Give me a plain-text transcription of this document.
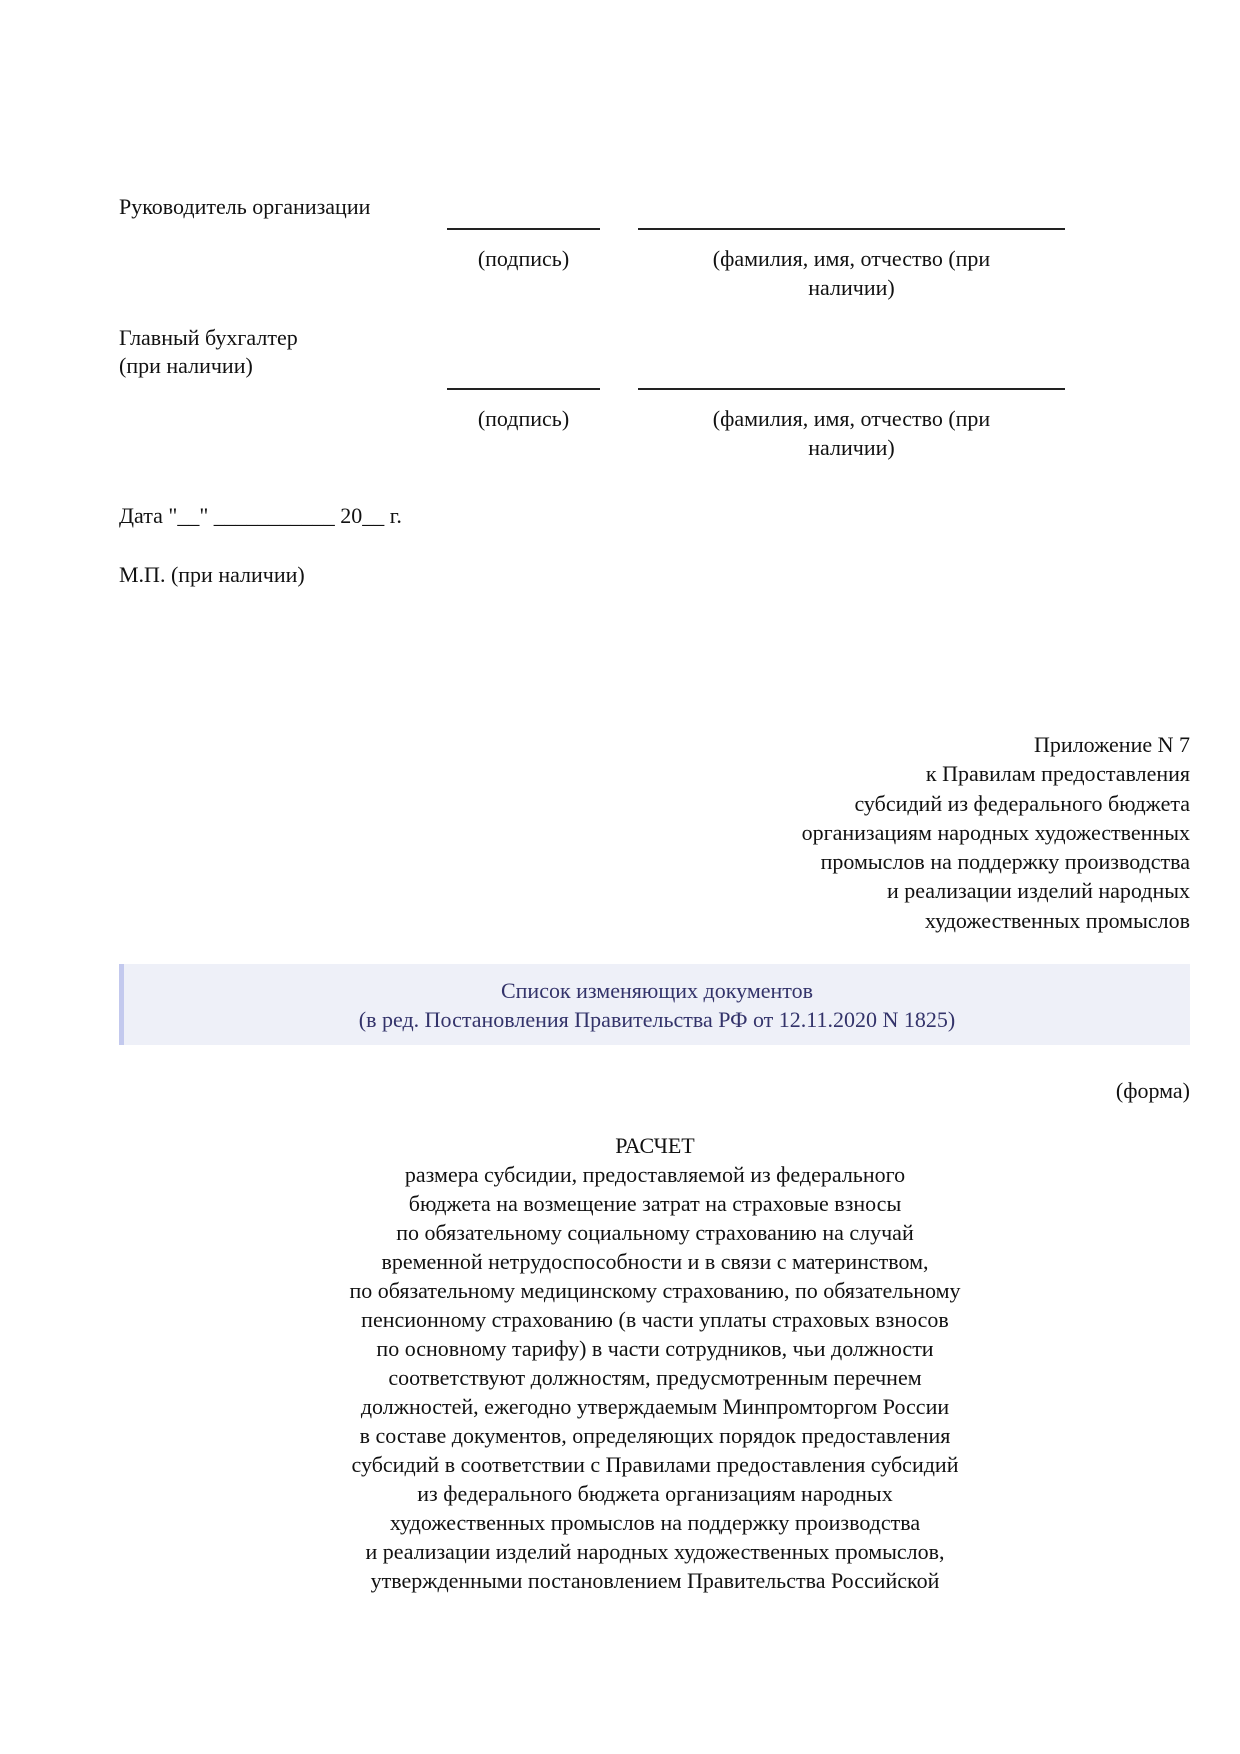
Руководитель организации
(подпись)	(фамилия, имя, отчество (при
наличии)
Главный бухгалтер
(при наличии)
(подпись)	(фамилия, имя, отчество (при
наличии)
Дата "__" ___________ 20__ г.
М.П. (при наличии)
Приложение N 7
к Правилам предоставления
субсидий из федерального бюджета
организациям народных художественных
промыслов на поддержку производства
и реализации изделий народных
художественных промыслов
Список изменяющих документов
(в ред. Постановления Правительства РФ от 12.11.2020 N 1825)
(форма)
РАСЧЕТ
размера субсидии, предоставляемой из федерального
бюджета на возмещение затрат на страховые взносы
по обязательному социальному страхованию на случай
временной нетрудоспособности и в связи с материнством,
по обязательному медицинскому страхованию, по обязательному
пенсионному страхованию (в части уплаты страховых взносов
по основному тарифу) в части сотрудников, чьи должности
соответствуют должностям, предусмотренным перечнем
должностей, ежегодно утверждаемым Минпромторгом России
в составе документов, определяющих порядок предоставления
субсидий в соответствии с Правилами предоставления субсидий
из федерального бюджета организациям народных
художественных промыслов на поддержку производства
и реализации изделий народных художественных промыслов,
утвержденными постановлением Правительства Российской
